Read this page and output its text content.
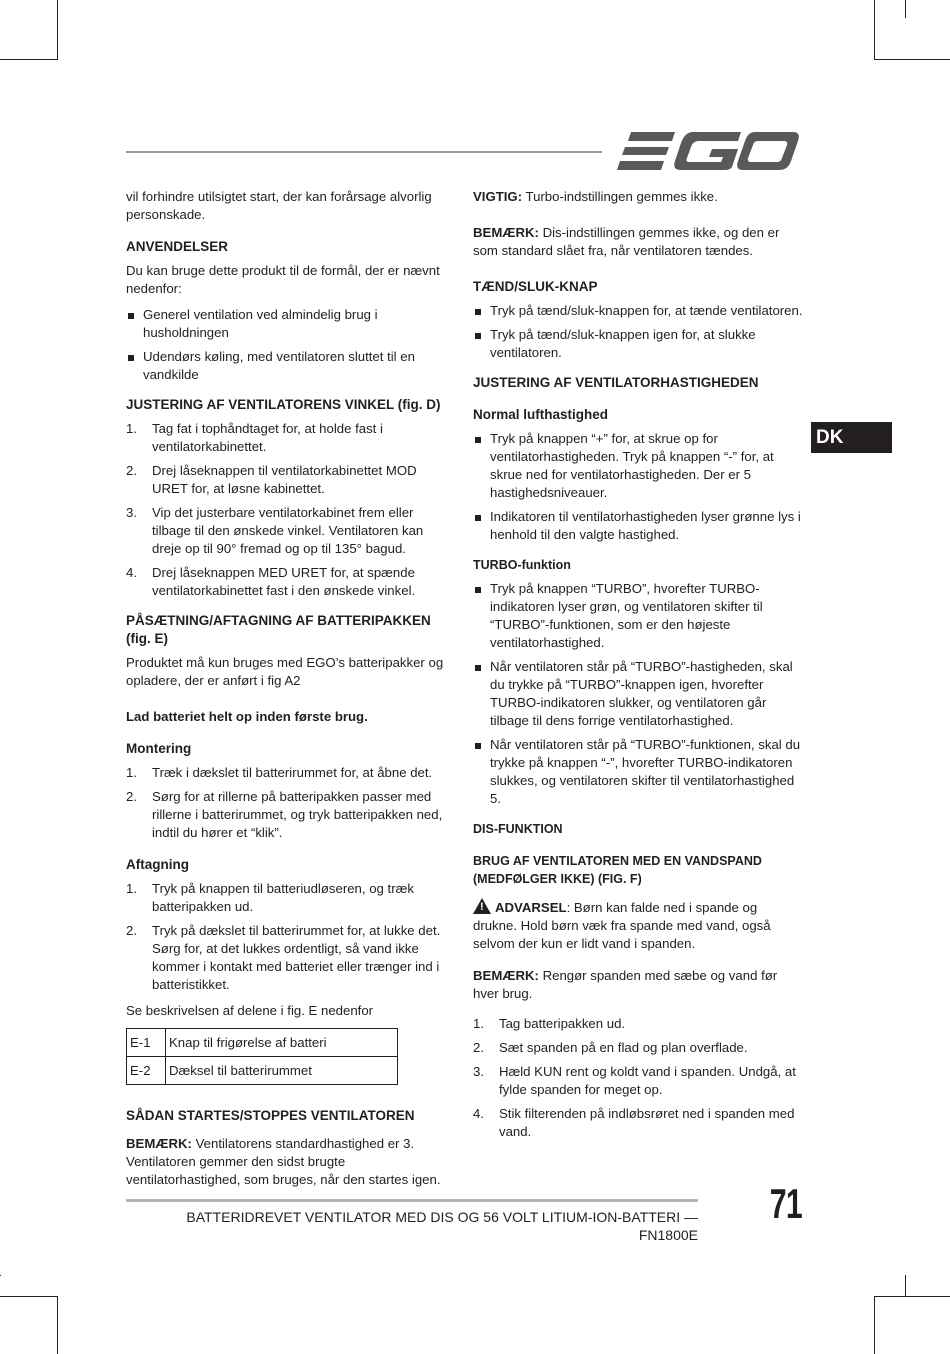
DK

vil forhindre utilsigtet start, der kan forårsage alvorlig personskade.

ANVENDELSER

Du kan bruge dette produkt til de formål, der er nævnt nedenfor:

Generel ventilation ved almindelig brug i husholdningen
Udendørs køling, med ventilatoren sluttet til en vandkilde
JUSTERING AF VENTILATORENS VINKEL (fig. D)
1. Tag fat i tophåndtaget for, at holde fast i ventilatorkabinettet.
2. Drej låseknappen til ventilatorkabinettet MOD URET for, at løsne kabinettet.
3. Vip det justerbare ventilatorkabinet frem eller tilbage til den ønskede vinkel. Ventilatoren kan dreje op til 90° fremad og op til 135° bagud.
4. Drej låseknappen MED URET for, at spænde ventilatorkabinettet fast i den ønskede vinkel.
PÅSÆTNING/AFTAGNING AF BATTERIPAKKEN (fig. E)

Produktet må kun bruges med EGO’s batteripakker og opladere, der er anført i fig A2

Lad batteriet helt op inden første brug.

Montering
1. Træk i dækslet til batterirummet for, at åbne det.
2. Sørg for at rillerne på batteripakken passer med rillerne i batterirummet, og tryk batteripakken ned, indtil du hører et “klik”.
Aftagning
1. Tryk på knappen til batteriudløseren, og træk batteripakken ud.
2. Tryk på dækslet til batterirummet for, at lukke det. Sørg for, at det lukkes ordentligt, så vand ikke kommer i kontakt med batteriet eller trænger ind i batteristikket.

Se beskrivelsen af delene i fig. E nedenfor

E-1	Knap til frigørelse af batteri
E-2	Dæksel til batterirummet
SÅDAN STARTES/STOPPES VENTILATOREN

BEMÆRK: Ventilatorens standardhastighed er 3. Ventilatoren gemmer den sidst brugte ventilatorhastighed, som bruges, når den startes igen.

VIGTIG: Turbo-indstillingen gemmes ikke.

BEMÆRK: Dis-indstillingen gemmes ikke, og den er som standard slået fra, når ventilatoren tændes.

TÆND/SLUK-KNAP
Tryk på tænd/sluk-knappen for, at tænde ventilatoren.
Tryk på tænd/sluk-knappen igen for, at slukke ventilatoren.
JUSTERING AF VENTILATORHASTIGHEDEN
Normal lufthastighed
Tryk på knappen “+” for, at skrue op for ventilatorhastigheden. Tryk på knappen “-” for, at skrue ned for ventilatorhastigheden. Der er 5 hastighedsniveauer.
Indikatoren til ventilatorhastigheden lyser grønne lys i henhold til den valgte hastighed.
TURBO-funktion
Tryk på knappen “TURBO”, hvorefter TURBO-indikatoren lyser grøn, og ventilatoren skifter til “TURBO”-funktionen, som er den højeste ventilatorhastighed.
Når ventilatoren står på “TURBO”-hastigheden, skal du trykke på “TURBO”-knappen igen, hvorefter TURBO-indikatoren slukker, og ventilatoren går tilbage til dens forrige ventilatorhastighed.
Når ventilatoren står på “TURBO”-funktionen, skal du trykke på knappen “-”, hvorefter TURBO-indikatoren slukkes, og ventilatoren skifter til ventilatorhastighed 5.
DIS-FUNKTION
BRUG AF VENTILATOREN MED EN VANDSPAND (MEDFØLGER IKKE) (FIG. F)

!ADVARSEL: Børn kan falde ned i spande og drukne. Hold børn væk fra spande med vand, også selvom der kun er lidt vand i spanden.

BEMÆRK: Rengør spanden med sæbe og vand før hver brug.

1. Tag batteripakken ud.
2. Sæt spanden på en flad og plan overflade.
3. Hæld KUN rent og koldt vand i spanden. Undgå, at fylde spanden for meget op.
4. Stik filterenden på indløbsrøret ned i spanden med vand.
BATTERIDREVET VENTILATOR MED DIS OG 56 VOLT LITIUM-ION-BATTERI — FN1800E
71
